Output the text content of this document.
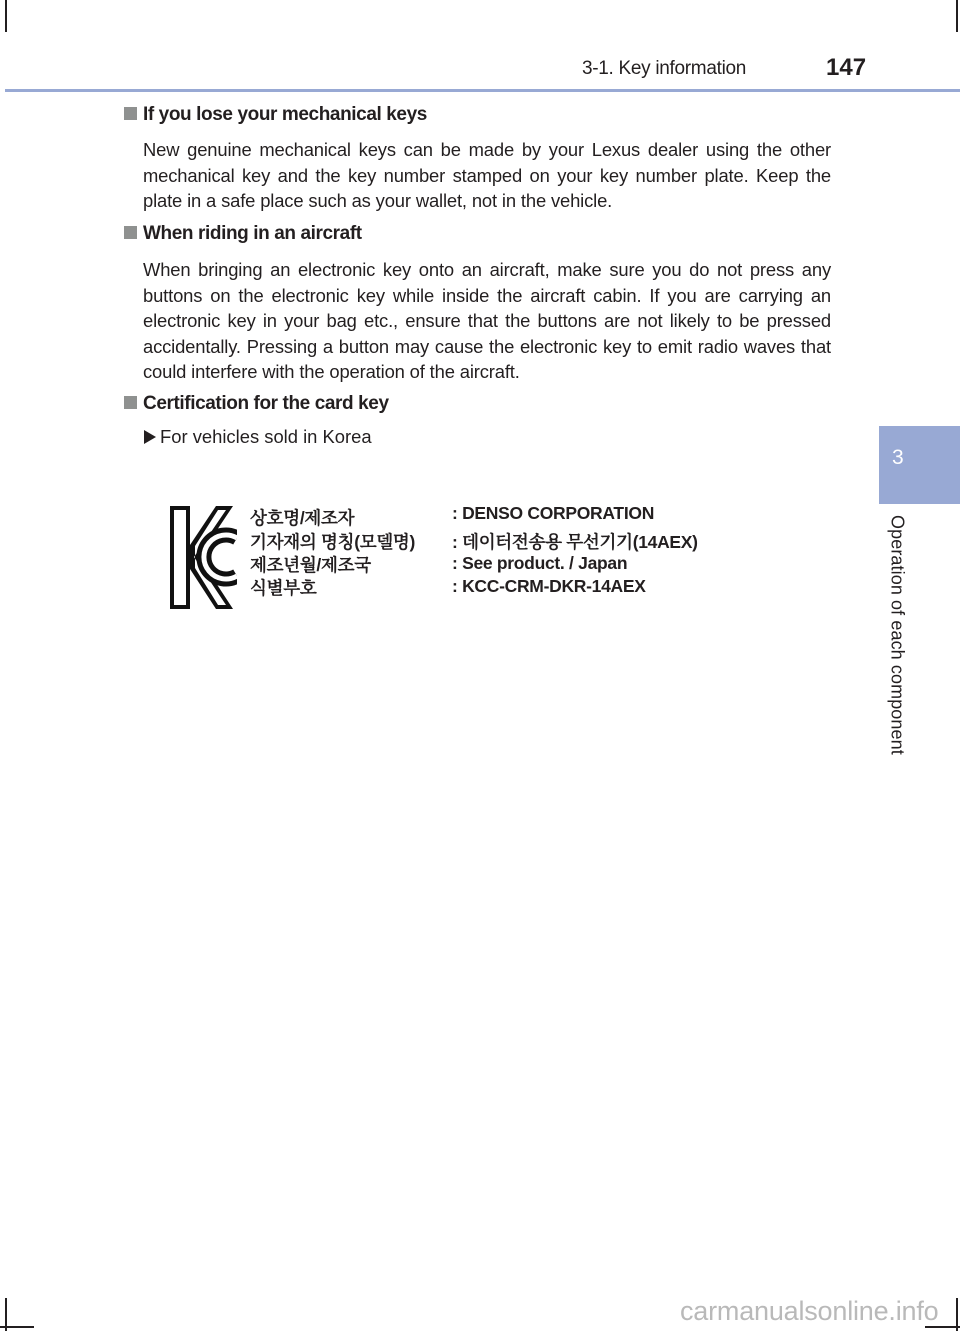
3-1. Key information	147
3
Operation of each component
If you lose your mechanical keys

New genuine mechanical keys can be made by your Lexus dealer using the other mechanical key and the key number stamped on your key number plate. Keep the plate in a safe place such as your wallet, not in the vehicle.

When riding in an aircraft

When bringing an electronic key onto an aircraft, make sure you do not press any buttons on the electronic key while inside the aircraft cabin. If you are carrying an electronic key in your bag etc., ensure that the buttons are not likely to be pressed accidentally. Pressing a button may cause the electronic key to emit radio waves that could interfere with the operation of the aircraft.

Certification for the card key
For vehicles sold in Korea
상호명/제조자	: DENSO CORPORATION
기자재의 명칭(모델명) : 데이터전송용 무선기기(14AEX)
제조년월/제조국	: See product. / Japan
식별부호	: KCC-CRM-DKR-14AEX
carmanualsonline.info
